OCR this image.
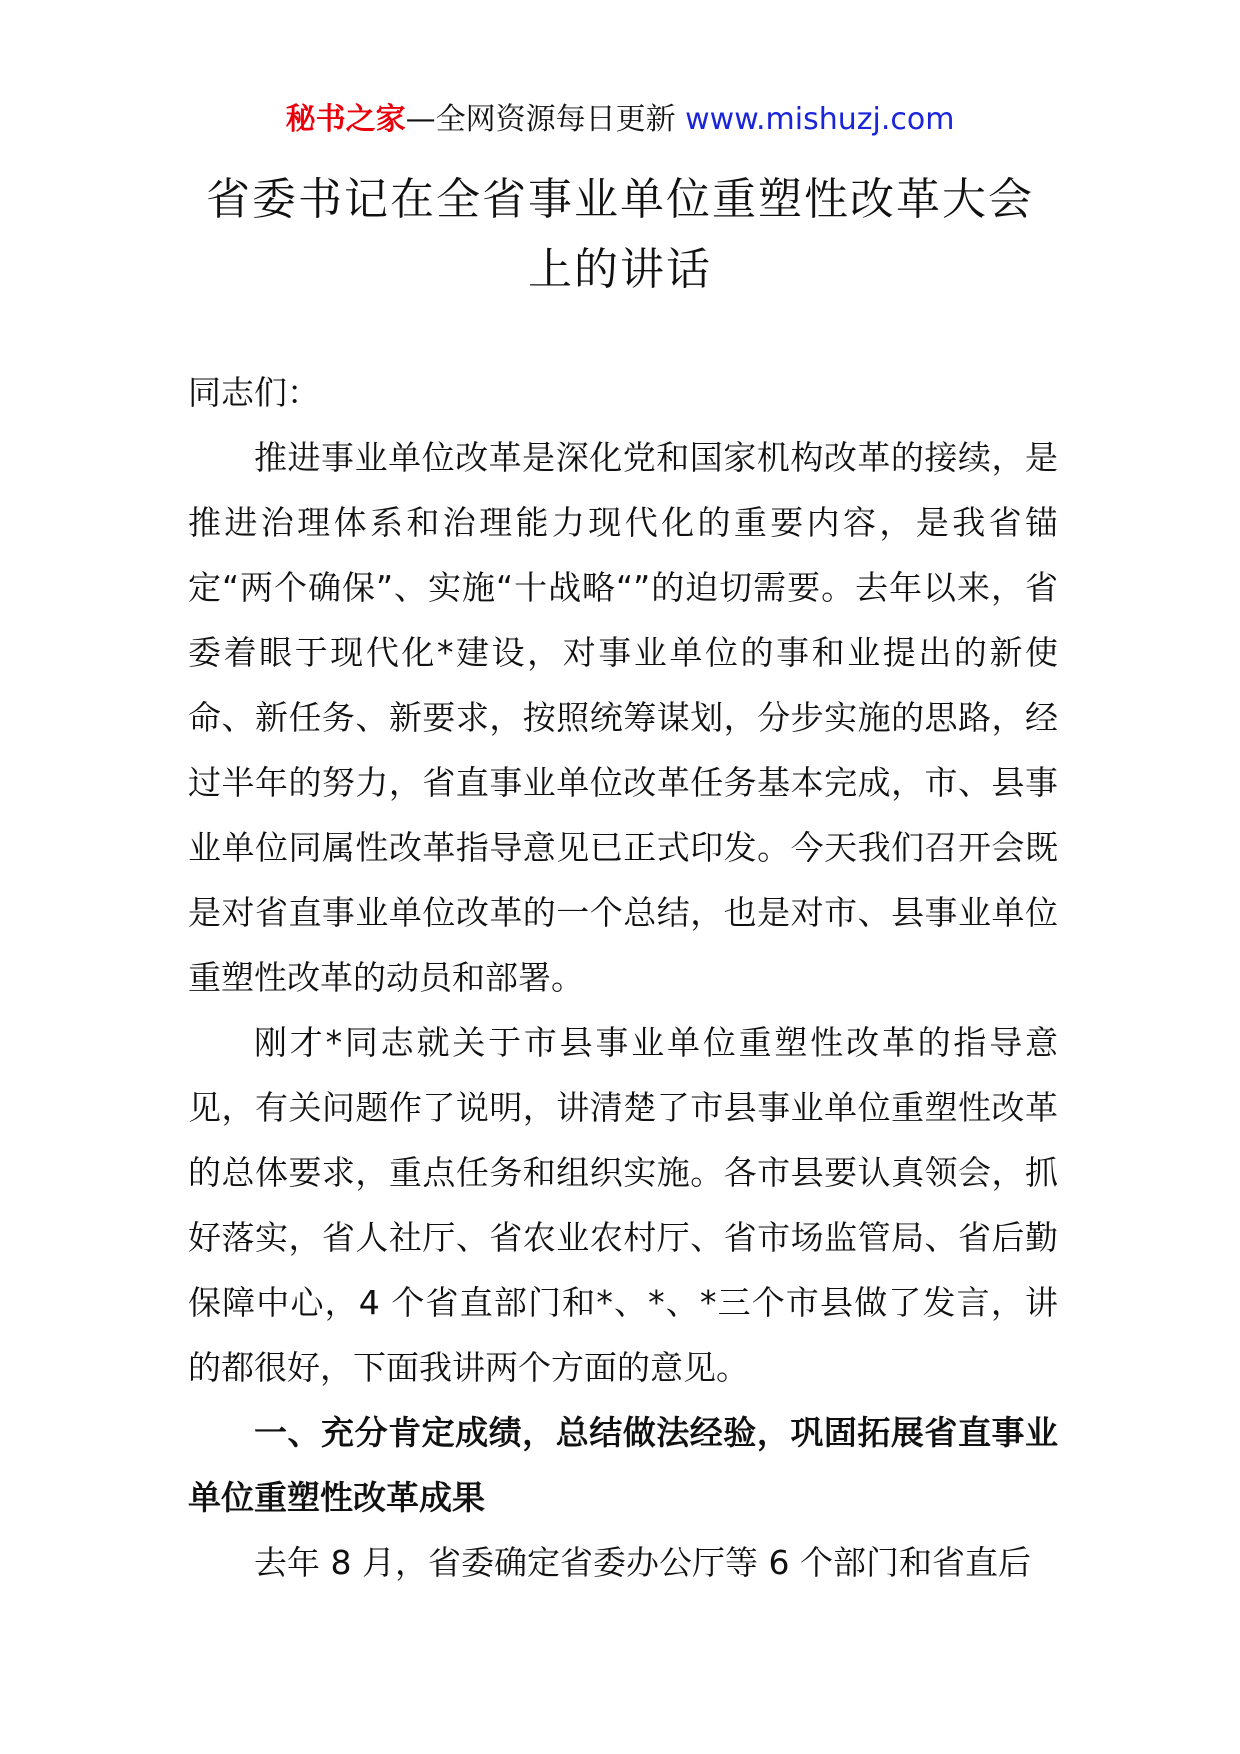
秘书之家—全网资源每日更新 www.mishuzj.com
省委书记在全省事业单位重塑性改革大会上的讲话

同志们：

推进事业单位改革是深化党和国家机构改革的接续，是推进治理体系和治理能力现代化的重要内容，是我省锚定“两个确保”、实施“十战略“”的迫切需要。去年以来，省委着眼于现代化*建设，对事业单位的事和业提出的新使命、新任务、新要求，按照统筹谋划，分步实施的思路，经过半年的努力，省直事业单位改革任务基本完成，市、县事业单位同属性改革指导意见已正式印发。今天我们召开会既是对省直事业单位改革的一个总结，也是对市、县事业单位重塑性改革的动员和部署。

刚才*同志就关于市县事业单位重塑性改革的指导意见，有关问题作了说明，讲清楚了市县事业单位重塑性改革的总体要求，重点任务和组织实施。各市县要认真领会，抓好落实，省人社厅、省农业农村厅、省市场监管局、省后勤保障中心，4 个省直部门和*、*、*三个市县做了发言，讲的都很好，下面我讲两个方面的意见。

一、充分肯定成绩，总结做法经验，巩固拓展省直事业单位重塑性改革成果

去年 8 月，省委确定省委办公厅等 6 个部门和省直后
